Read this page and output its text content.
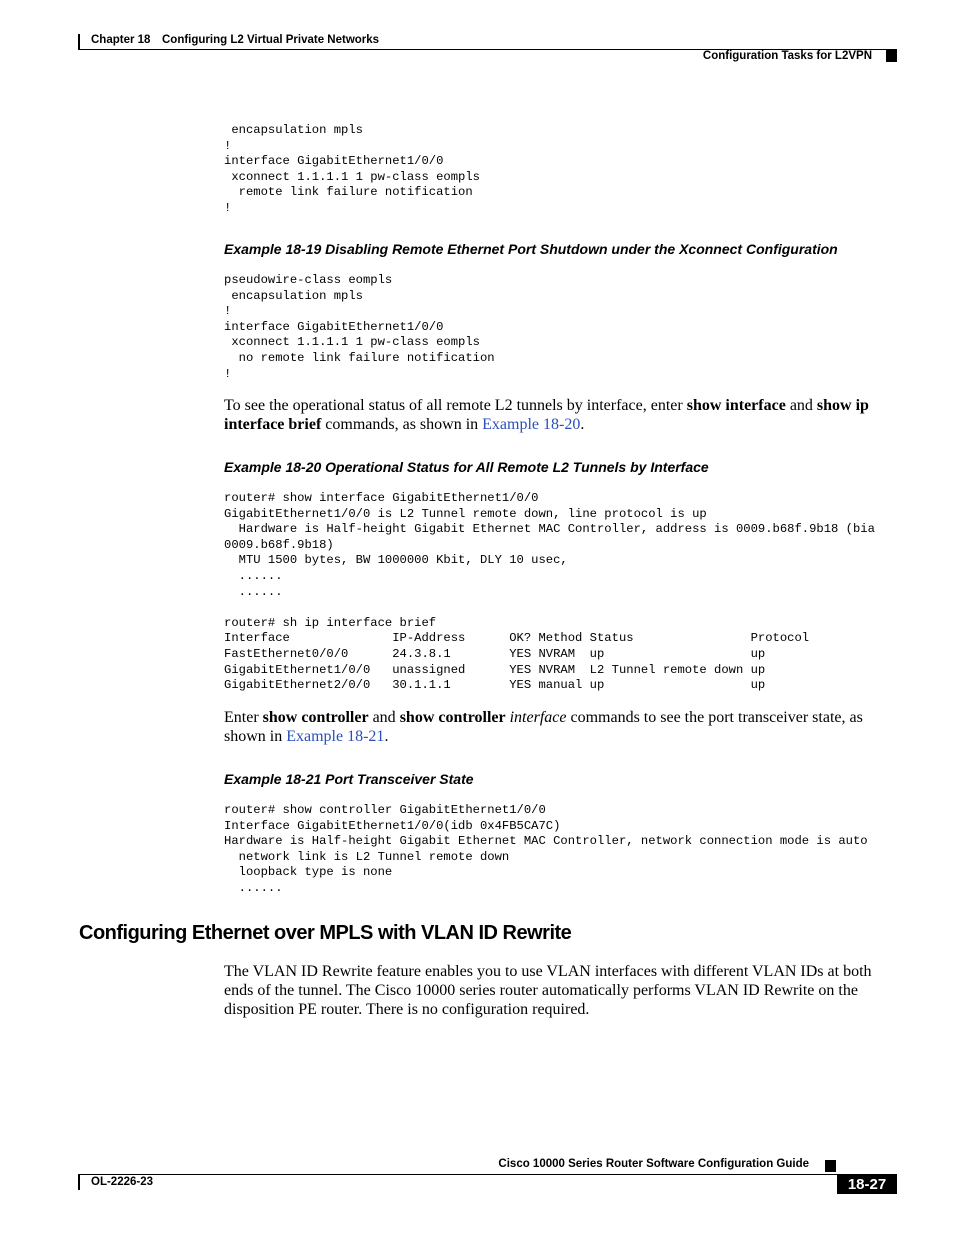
Chapter 18 Configuring L2 Virtual Private Networks
Configuration Tasks for L2VPN
encapsulation mpls
!
interface GigabitEthernet1/0/0
xconnect 1.1.1.1 1 pw-class eompls
remote link failure notification
!
Example 18-19 Disabling Remote Ethernet Port Shutdown under the Xconnect Configuration
pseudowire-class eompls
encapsulation mpls
!
interface GigabitEthernet1/0/0
xconnect 1.1.1.1 1 pw-class eompls
no remote link failure notification
!
To see the operational status of all remote L2 tunnels by interface, enter show interface and show ip interface brief commands, as shown in Example 18-20.
Example 18-20 Operational Status for All Remote L2 Tunnels by Interface
router# show interface GigabitEthernet1/0/0
GigabitEthernet1/0/0 is L2 Tunnel remote down, line protocol is up
Hardware is Half-height Gigabit Ethernet MAC Controller, address is 0009.b68f.9b18 (bia
0009.b68f.9b18)
MTU 1500 bytes, BW 1000000 Kbit, DLY 10 usec,
......
......

router# sh ip interface brief
Interface              IP-Address      OK? Method Status                Protocol
FastEthernet0/0/0      24.3.8.1        YES NVRAM  up                    up
GigabitEthernet1/0/0   unassigned      YES NVRAM  L2 Tunnel remote down up
GigabitEthernet2/0/0   30.1.1.1        YES manual up                    up
Enter show controller and show controller interface commands to see the port transceiver state, as shown in Example 18-21.
Example 18-21 Port Transceiver State
router# show controller GigabitEthernet1/0/0
Interface GigabitEthernet1/0/0(idb 0x4FB5CA7C)
Hardware is Half-height Gigabit Ethernet MAC Controller, network connection mode is auto
network link is L2 Tunnel remote down
loopback type is none
......
Configuring Ethernet over MPLS with VLAN ID Rewrite
The VLAN ID Rewrite feature enables you to use VLAN interfaces with different VLAN IDs at both ends of the tunnel. The Cisco 10000 series router automatically performs VLAN ID Rewrite on the disposition PE router. There is no configuration required.
Cisco 10000 Series Router Software Configuration Guide
OL-2226-23	18-27
